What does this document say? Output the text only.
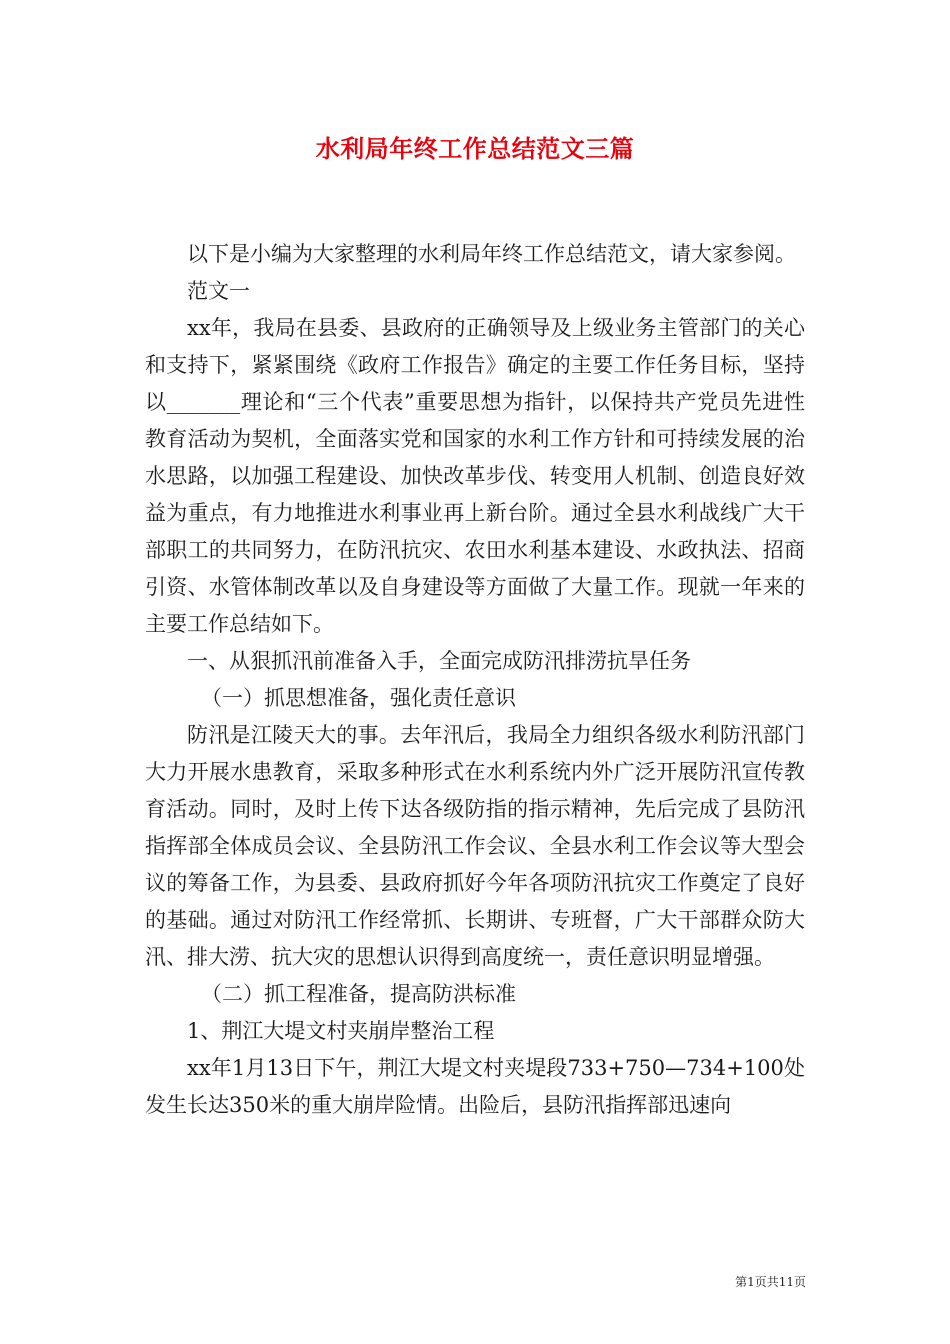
水利局年终工作总结范文三篇

以下是小编为大家整理的水利局年终工作总结范文，请大家参阅。

范文一

xx年，我局在县委、县政府的正确领导及上级业务主管部门的关心和支持下，紧紧围绕《政府工作报告》确定的主要工作任务目标，坚持以_______理论和“三个代表”重要思想为指针，以保持共产党员先进性教育活动为契机，全面落实党和国家的水利工作方针和可持续发展的治水思路，以加强工程建设、加快改革步伐、转变用人机制、创造良好效益为重点，有力地推进水利事业再上新台阶。通过全县水利战线广大干部职工的共同努力，在防汛抗灾、农田水利基本建设、水政执法、招商引资、水管体制改革以及自身建设等方面做了大量工作。现就一年来的主要工作总结如下。

一、从狠抓汛前准备入手，全面完成防汛排涝抗旱任务

（一）抓思想准备，强化责任意识

防汛是江陵天大的事。去年汛后，我局全力组织各级水利防汛部门大力开展水患教育，采取多种形式在水利系统内外广泛开展防汛宣传教育活动。同时，及时上传下达各级防指的指示精神，先后完成了县防汛指挥部全体成员会议、全县防汛工作会议、全县水利工作会议等大型会议的筹备工作，为县委、县政府抓好今年各项防汛抗灾工作奠定了良好的基础。通过对防汛工作经常抓、长期讲、专班督，广大干部群众防大汛、排大涝、抗大灾的思想认识得到高度统一，责任意识明显增强。

（二）抓工程准备，提高防洪标准

1、荆江大堤文村夹崩岸整治工程

xx年1月13日下午，荆江大堤文村夹堤段733+750—734+100处发生长达350米的重大崩岸险情。出险后，县防汛指挥部迅速向

第1页共11页
